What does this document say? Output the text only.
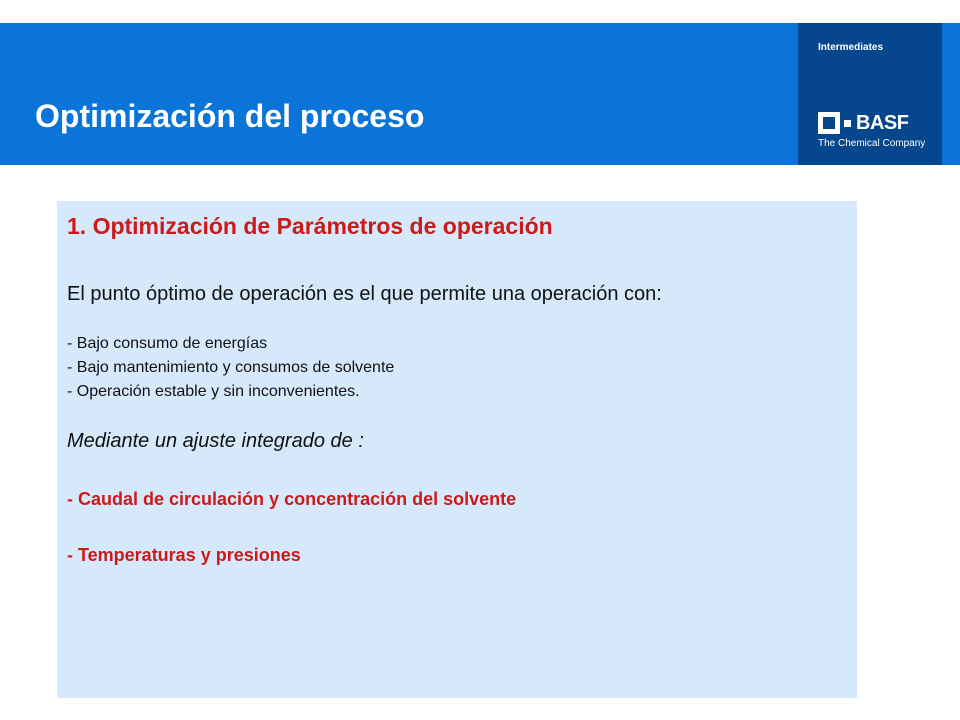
Optimización del proceso
Intermediates
BASF
The Chemical Company
1. Optimización de Parámetros de operación

El punto óptimo de operación es el que permite una operación con:

- Bajo consumo de energías
- Bajo mantenimiento y consumos de solvente
- Operación estable y sin inconvenientes.

Mediante un ajuste integrado de :

- Caudal de circulación y concentración del solvente
- Temperaturas y presiones
